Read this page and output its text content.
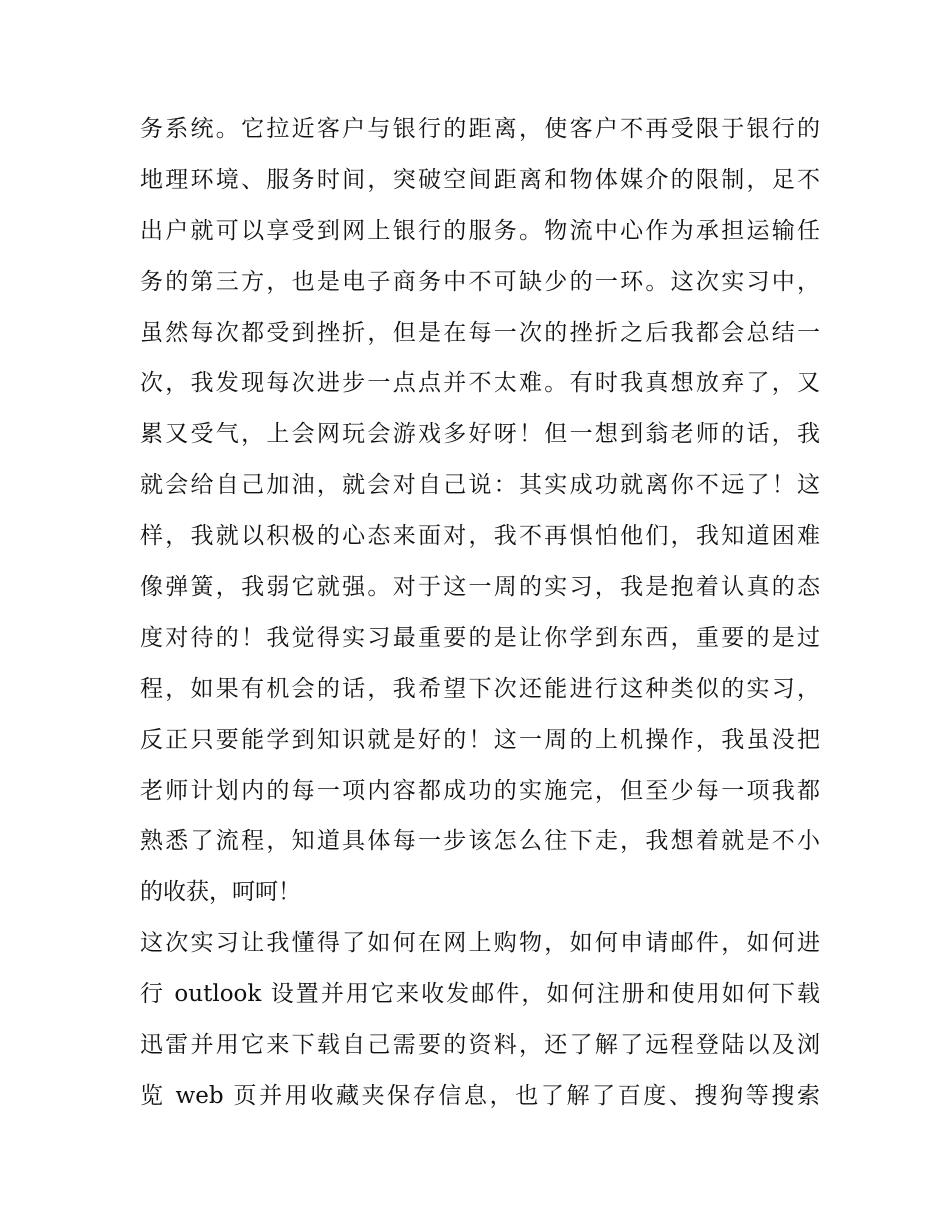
务系统。它拉近客户与银行的距离，使客户不再受限于银行的
地理环境、服务时间，突破空间距离和物体媒介的限制，足不
出户就可以享受到网上银行的服务。物流中心作为承担运输任
务的第三方，也是电子商务中不可缺少的一环。这次实习中，
虽然每次都受到挫折，但是在每一次的挫折之后我都会总结一
次，我发现每次进步一点点并不太难。有时我真想放弃了，又
累又受气，上会网玩会游戏多好呀！但一想到翁老师的话，我
就会给自己加油，就会对自己说：其实成功就离你不远了！这
样，我就以积极的心态来面对，我不再惧怕他们，我知道困难
像弹簧，我弱它就强。对于这一周的实习，我是抱着认真的态
度对待的！我觉得实习最重要的是让你学到东西，重要的是过
程，如果有机会的话，我希望下次还能进行这种类似的实习，
反正只要能学到知识就是好的！这一周的上机操作，我虽没把
老师计划内的每一项内容都成功的实施完，但至少每一项我都
熟悉了流程，知道具体每一步该怎么往下走，我想着就是不小
的收获，呵呵！
这次实习让我懂得了如何在网上购物，如何申请邮件，如何进
行 outlook 设置并用它来收发邮件，如何注册和使用如何下载
迅雷并用它来下载自己需要的资料，还了解了远程登陆以及浏
览 web 页并用收藏夹保存信息，也了解了百度、搜狗等搜索
